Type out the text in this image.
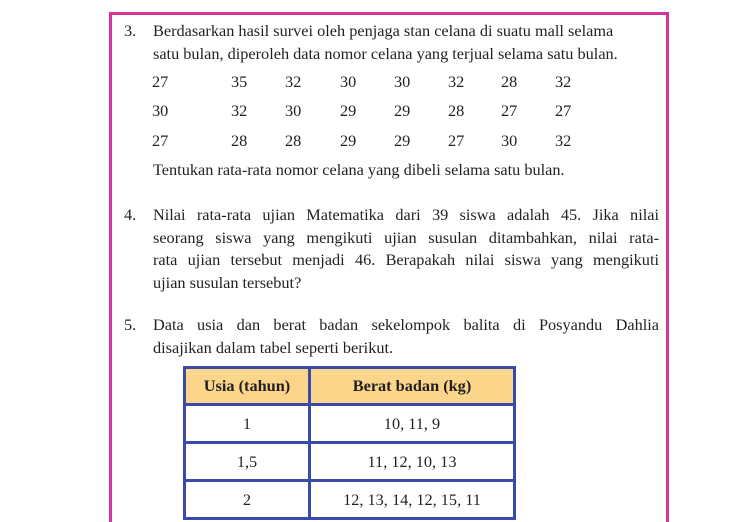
3. Berdasarkan hasil survei oleh penjaga stan celana di suatu mall selama
satu bulan, diperoleh data nomor celana yang terjual selama satu bulan.
27	35 32 30 30 32 28 32
30	32 30 29 29 28 27 27
27	28 28 29 29 27 30 32
Tentukan rata-rata nomor celana yang dibeli selama satu bulan.
4. Nilai rata-rata ujian Matematika dari 39 siswa adalah 45. Jika nilai
seorang siswa yang mengikuti ujian susulan ditambahkan, nilai rata-
rata ujian tersebut menjadi 46. Berapakah nilai siswa yang mengikuti
ujian susulan tersebut?
5. Data usia dan berat badan sekelompok balita di Posyandu Dahlia
disajikan dalam tabel seperti berikut.
Usia (tahun)	Berat badan (kg)
1	10, 11, 9
1,5	11, 12, 10, 13
2	12, 13, 14, 12, 15, 11
